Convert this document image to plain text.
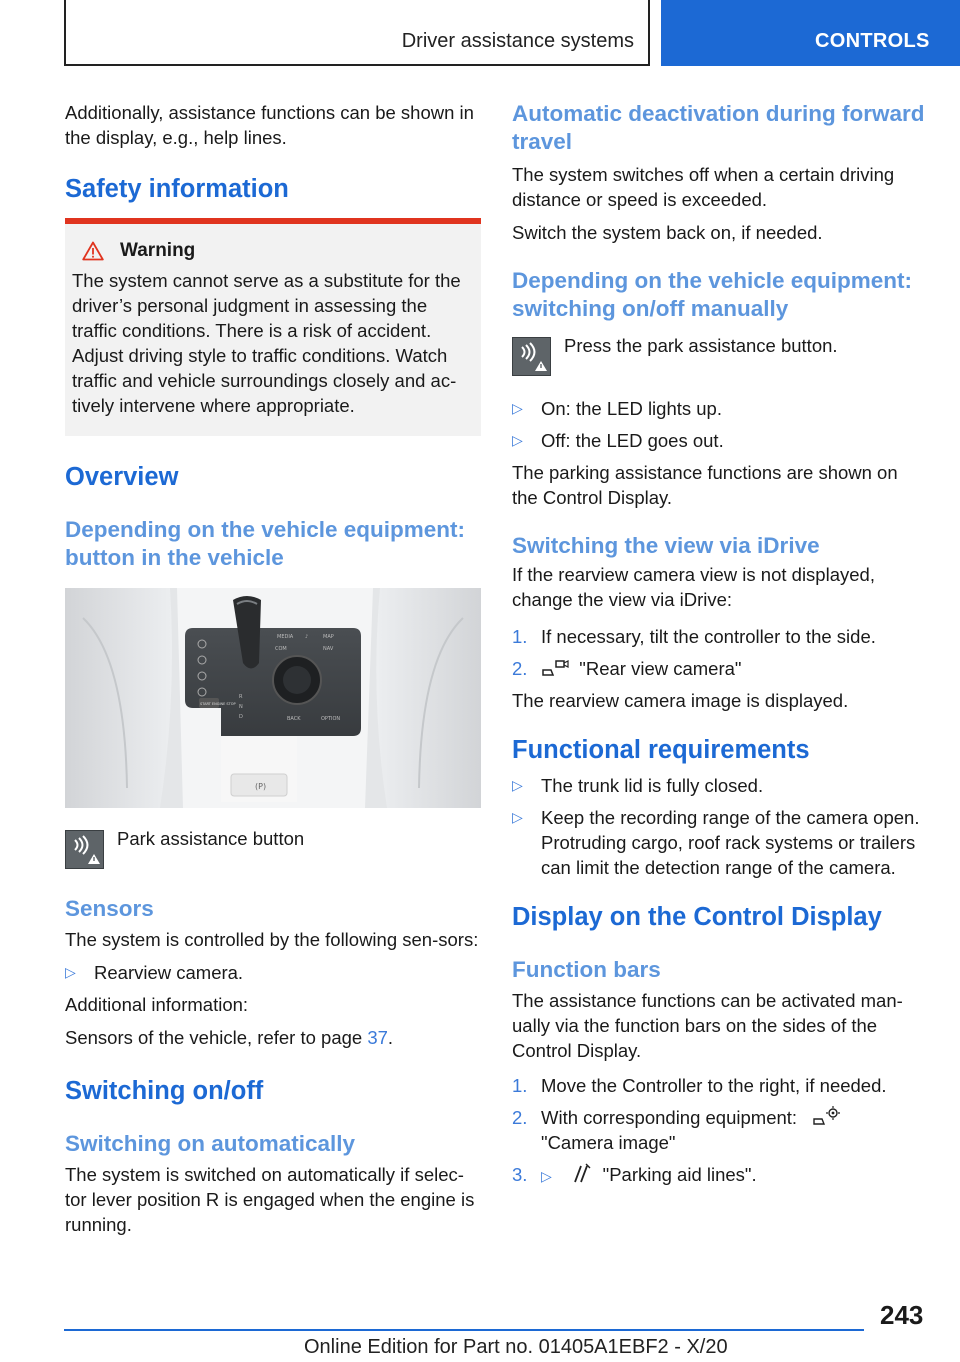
Driver assistance systems	CONTROLS

Additionally, assistance functions can be shown in the display, e.g., help lines.

Safety information
Warning

The system cannot serve as a substitute for the driver’s personal judgment in assessing the traffic conditions. There is a risk of accident. Adjust driving style to traffic conditions. Watch traffic and vehicle surroundings closely and ac-tively intervene where appropriate.

Overview
Depending on the vehicle equipment: button in the vehicle
(P)
MEDIA ♪	MAP
COM	NAV
BACK	OPTION
START ENGINE STOP
R
N
D
Park assistance button
Sensors

The system is controlled by the following sen-sors:

▷ Rearview camera.

Additional information:

Sensors of the vehicle, refer to page 37.

Switching on/off
Switching on automatically

The system is switched on automatically if selec-tor lever position R is engaged when the engine is running.

Automatic deactivation during forward travel

The system switches off when a certain driving distance or speed is exceeded.

Switch the system back on, if needed.

Depending on the vehicle equipment: switching on/off manually
Press the park assistance button.
▷ On: the LED lights up.
▷ Off: the LED goes out.

The parking assistance functions are shown on the Control Display.

Switching the view via iDrive

If the rearview camera view is not displayed, change the view via iDrive:

1. If necessary, tilt the controller to the side.
2.	"Rear view camera"

The rearview camera image is displayed.

Functional requirements
▷ The trunk lid is fully closed.
▷ Keep the recording range of the camera open. Protruding cargo, roof rack systems or trailers can limit the detection range of the camera.
Display on the Control Display
Function bars

The assistance functions can be activated man-ually via the function bars on the sides of the Control Display.

1. Move the Controller to the right, if needed.
2. With corresponding equipment:
"Camera image"
3. ▷	"Parking aid lines".
243
Online Edition for Part no. 01405A1EBF2 - X/20
